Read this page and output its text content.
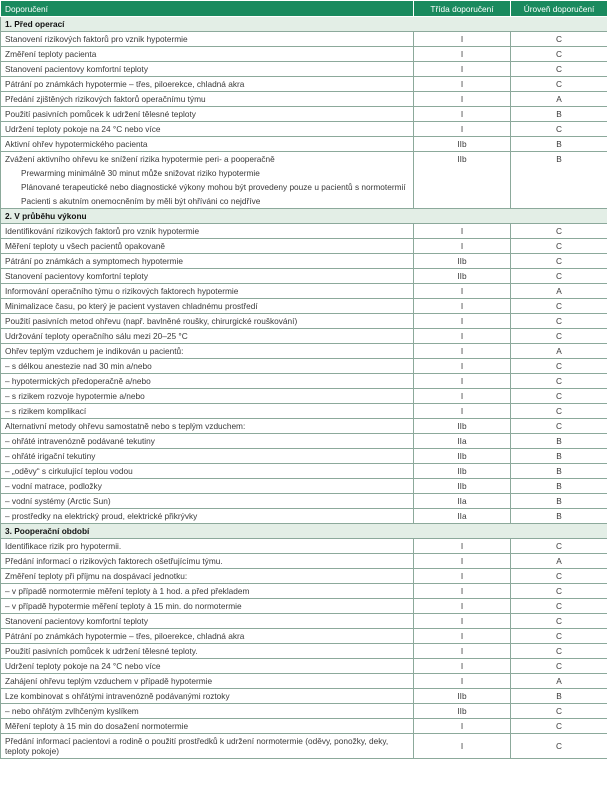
Doporučení	Třída doporučení	Úroveň doporučení
1. Před operací		
Stanovení rizikových faktorů pro vznik hypotermie	I	C
Změření teploty pacienta	I	C
Stanovení pacientovy komfortní teploty	I	C
Pátrání po známkách hypotermie – třes, piloerekce, chladná akra	I	C
Předání zjištěných rizikových faktorů operačnímu týmu	I	A
Použití pasivních pomůcek k udržení tělesné teploty	I	B
Udržení teploty pokoje na 24 °C nebo více	I	C
Aktivní ohřev hypotermického pacienta	IIb	B
Zvážení aktivního ohřevu ke snížení rizika hypotermie peri- a pooperačně	IIb	B
Prewarming minimálně 30 minut může snižovat riziko hypotermie		
Plánované terapeutické nebo diagnostické výkony mohou být provedeny pouze u pacientů s normotermií		
Pacienti s akutním onemocněním by měli být ohříváni co nejdříve		
2. V průběhu výkonu		
Identifikování rizikových faktorů pro vznik hypotermie	I	C
Měření teploty u všech pacientů opakovaně	I	C
Pátrání po známkách a symptomech hypotermie	IIb	C
Stanovení pacientovy komfortní teploty	IIb	C
Informování operačního týmu o rizikových faktorech hypotermie	I	A
Minimalizace času, po který je pacient vystaven chladnému prostředí	I	C
Použití pasivních metod ohřevu (např. bavlněné roušky, chirurgické rouškování)	I	C
Udržování teploty operačního sálu mezi 20–25 °C	I	C
Ohřev teplým vzduchem je indikován u pacientů:	I	A
– s délkou anestezie nad 30 min a/nebo	I	C
– hypotermických předoperačně a/nebo	I	C
– s rizikem rozvoje hypotermie a/nebo	I	C
– s rizikem komplikací	I	C
Alternativní metody ohřevu samostatně nebo s teplým vzduchem:	IIb	C
– ohřáté intravenózně podávané tekutiny	IIa	B
– ohřáté irigační tekutiny	IIb	B
– „oděvy“ s cirkulující teplou vodou	IIb	B
– vodní matrace, podložky	IIb	B
– vodní systémy (Arctic Sun)	IIa	B
– prostředky na elektrický proud, elektrické přikrývky	IIa	B
3. Pooperační období		
Identifikace rizik pro hypotermii.	I	C
Předání informací o rizikových faktorech ošetřujícímu týmu.	I	A
Změření teploty při příjmu na dospávací jednotku:	I	C
– v případě normotermie měření teploty à 1 hod. a před překladem	I	C
– v případě hypotermie měření teploty à 15 min. do normotermie	I	C
Stanovení pacientovy komfortní teploty	I	C
Pátrání po známkách hypotermie – třes, piloerekce, chladná akra	I	C
Použití pasivních pomůcek k udržení tělesné teploty.	I	C
Udržení teploty pokoje na 24 °C nebo více	I	C
Zahájení ohřevu teplým vzduchem v případě hypotermie	I	A
Lze kombinovat s ohřátými intravenózně podávanými roztoky	IIb	B
– nebo ohřátým zvlhčeným kyslíkem	IIb	C
Měření teploty à 15 min do dosažení normotermie	I	C
Předání informací pacientovi a rodině o použití prostředků k udržení normotermie (oděvy, ponožky, deky, teploty pokoje)	I	C
